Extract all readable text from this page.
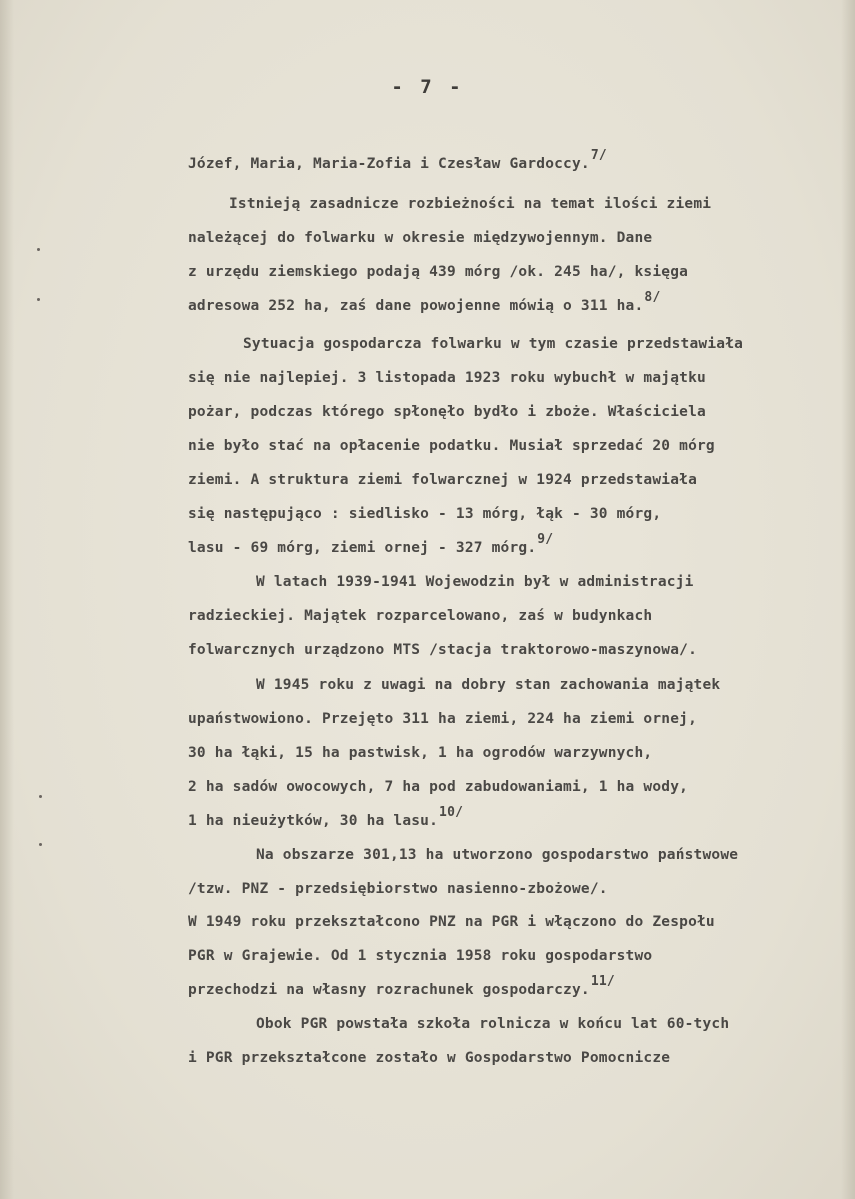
- 7 -
Józef, Maria, Maria-Zofia i Czesław Gardoccy.7/
Istnieją zasadnicze rozbieżności na temat ilości ziemi
należącej do folwarku w okresie międzywojennym. Dane
z urzędu ziemskiego podają 439 mórg /ok. 245 ha/, księga
adresowa 252 ha, zaś dane powojenne mówią o 311 ha.8/
Sytuacja gospodarcza folwarku w tym czasie przedstawiała
się nie najlepiej. 3 listopada 1923 roku wybuchł w majątku
pożar, podczas którego spłonęło bydło i zboże. Właściciela
nie było stać na opłacenie podatku. Musiał sprzedać 20 mórg
ziemi. A struktura ziemi folwarcznej w 1924 przedstawiała
się następująco : siedlisko - 13 mórg, łąk - 30 mórg,
lasu - 69 mórg, ziemi ornej - 327 mórg.9/
W latach 1939-1941 Wojewodzin był w administracji
radzieckiej. Majątek rozparcelowano, zaś w budynkach
folwarcznych urządzono MTS /stacja traktorowo-maszynowa/.
W 1945 roku z uwagi na dobry stan zachowania majątek
upaństwowiono. Przejęto 311 ha ziemi, 224 ha ziemi ornej,
30 ha łąki, 15 ha pastwisk, 1 ha ogrodów warzywnych,
2 ha sadów owocowych, 7 ha pod zabudowaniami, 1 ha wody,
1 ha nieużytków, 30 ha lasu.10/
Na obszarze 301,13 ha utworzono gospodarstwo państwowe
/tzw. PNZ - przedsiębiorstwo nasienno-zbożowe/.
W 1949 roku przekształcono PNZ na PGR i włączono do Zespołu
PGR w Grajewie. Od 1 stycznia 1958 roku gospodarstwo
przechodzi na własny rozrachunek gospodarczy.11/
Obok PGR powstała szkoła rolnicza w końcu lat 60-tych
i PGR przekształcone zostało w Gospodarstwo Pomocnicze
